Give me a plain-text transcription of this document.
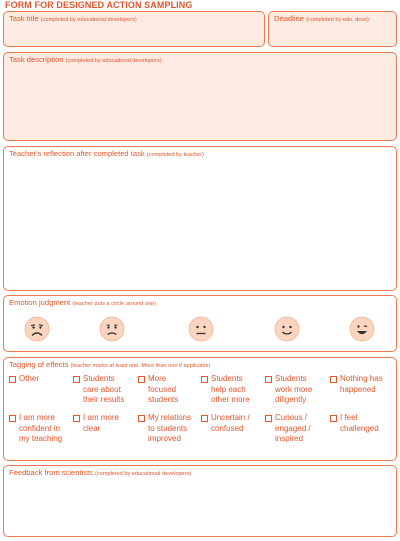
FORM FOR DESIGNED ACTION SAMPLING
Task title (completed by educational developers)	Deadline (completed by edu. devs)
Task description (completed by educational developers)
Teacher's reflection after completed task (completed by teacher)
Emotion judgment (teacher puts a circle around one)
Tagging of effects (teacher marks at least one. More than one if applicable)
Other	Students
care about
their results
More
focused
students
Students
help each
other more
Students
work more
diligently
Nothing has
happened
I am more
confident in
my teaching
I am more
clear
My relations
to students
improved
Uncertain /
confused
Curious /
engaged /
inspired
I feel
challenged
Feedback from scientists (completed by educational developers)
